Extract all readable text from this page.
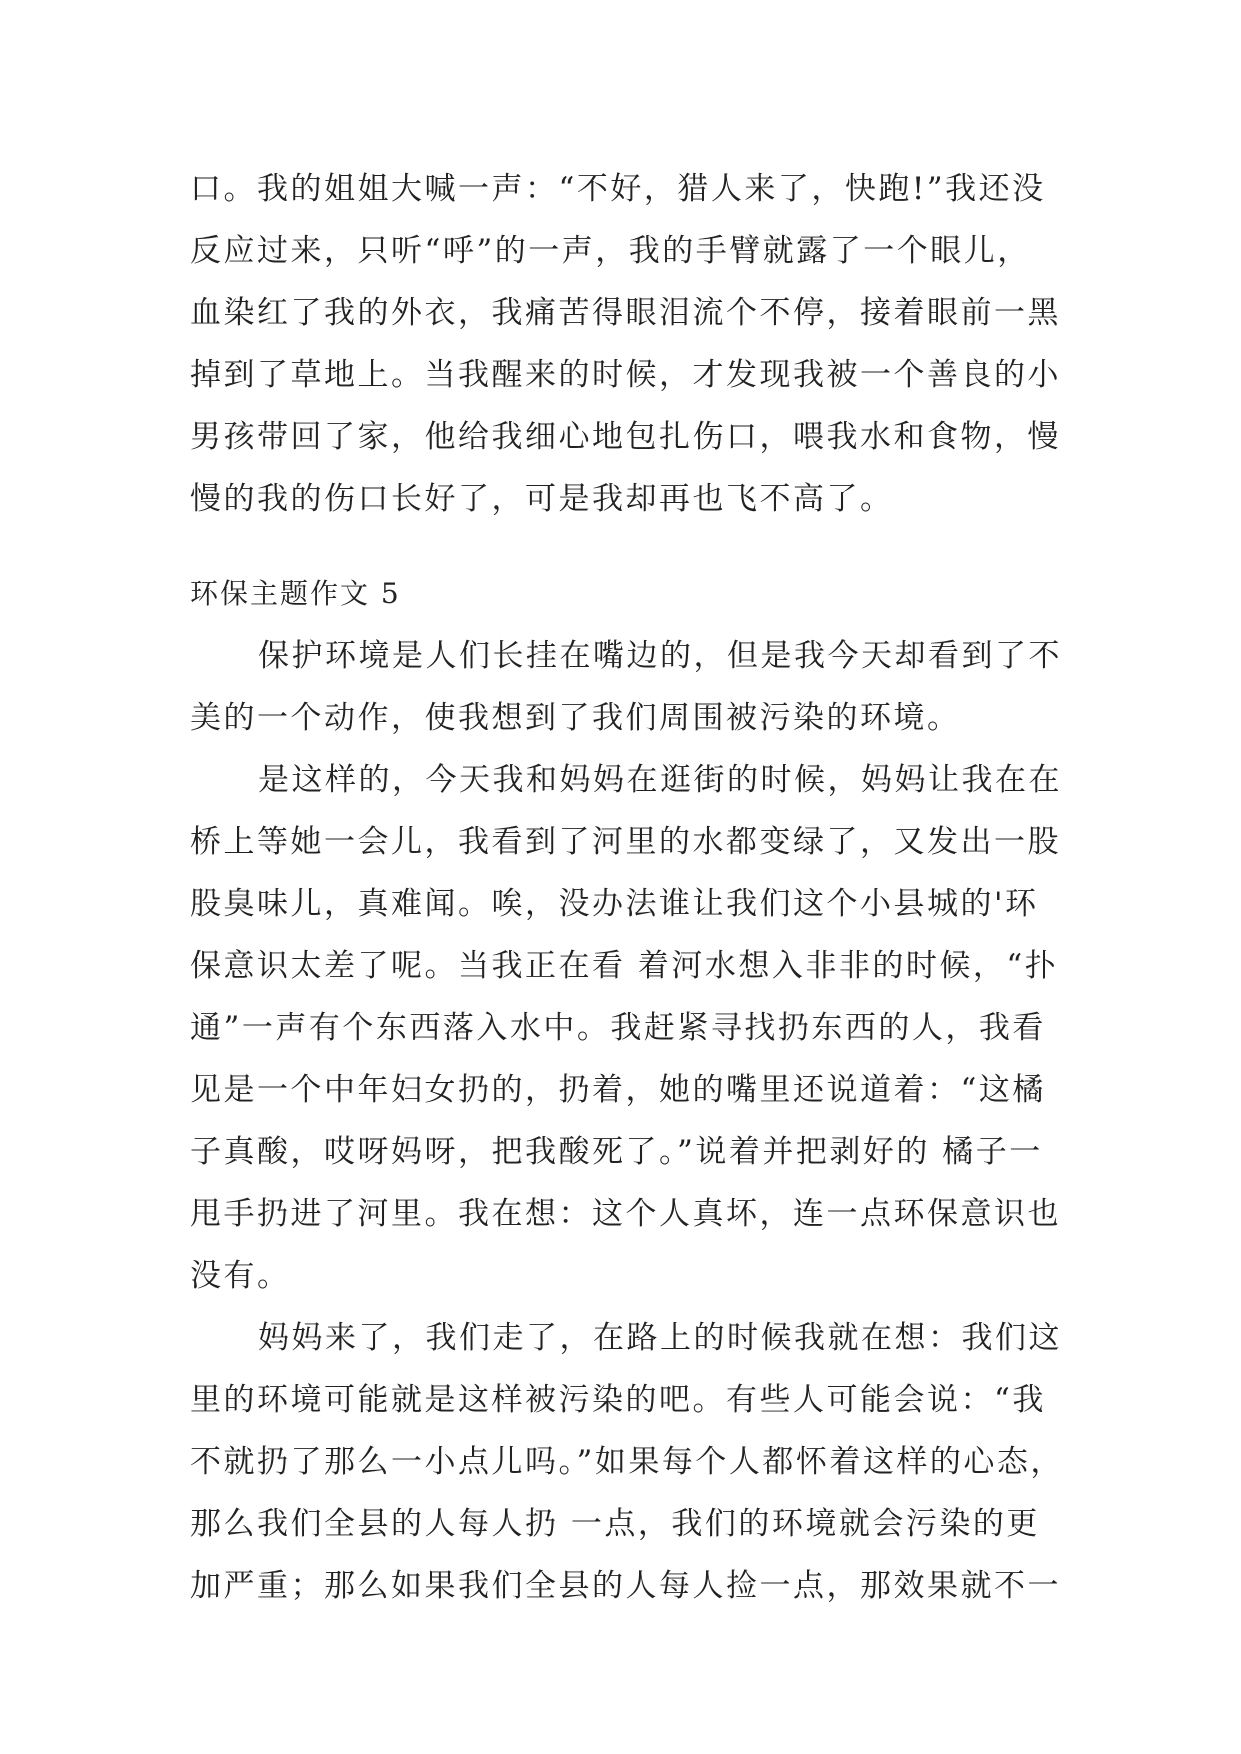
口。我的姐姐大喊一声：“不好，猎人来了，快跑!”我还没
反应过来，只听“呼”的一声，我的手臂就露了一个眼儿，
血染红了我的外衣，我痛苦得眼泪流个不停，接着眼前一黑
掉到了草地上。当我醒来的时候，才发现我被一个善良的小
男孩带回了家，他给我细心地包扎伤口，喂我水和食物，慢
慢的我的伤口长好了，可是我却再也飞不高了。
环保主题作文 5
保护环境是人们长挂在嘴边的，但是我今天却看到了不
美的一个动作，使我想到了我们周围被污染的环境。
是这样的，今天我和妈妈在逛街的时候，妈妈让我在在
桥上等她一会儿，我看到了河里的水都变绿了，又发出一股
股臭味儿，真难闻。唉，没办法谁让我们这个小县城的'环
保意识太差了呢。当我正在看 着河水想入非非的时候，“扑
通”一声有个东西落入水中。我赶紧寻找扔东西的人，我看
见是一个中年妇女扔的，扔着，她的嘴里还说道着：“这橘
子真酸，哎呀妈呀，把我酸死了。”说着并把剥好的 橘子一
甩手扔进了河里。我在想：这个人真坏，连一点环保意识也
没有。
妈妈来了，我们走了，在路上的时候我就在想：我们这
里的环境可能就是这样被污染的吧。有些人可能会说：“我
不就扔了那么一小点儿吗。”如果每个人都怀着这样的心态，
那么我们全县的人每人扔 一点，我们的环境就会污染的更
加严重；那么如果我们全县的人每人捡一点，那效果就不一
